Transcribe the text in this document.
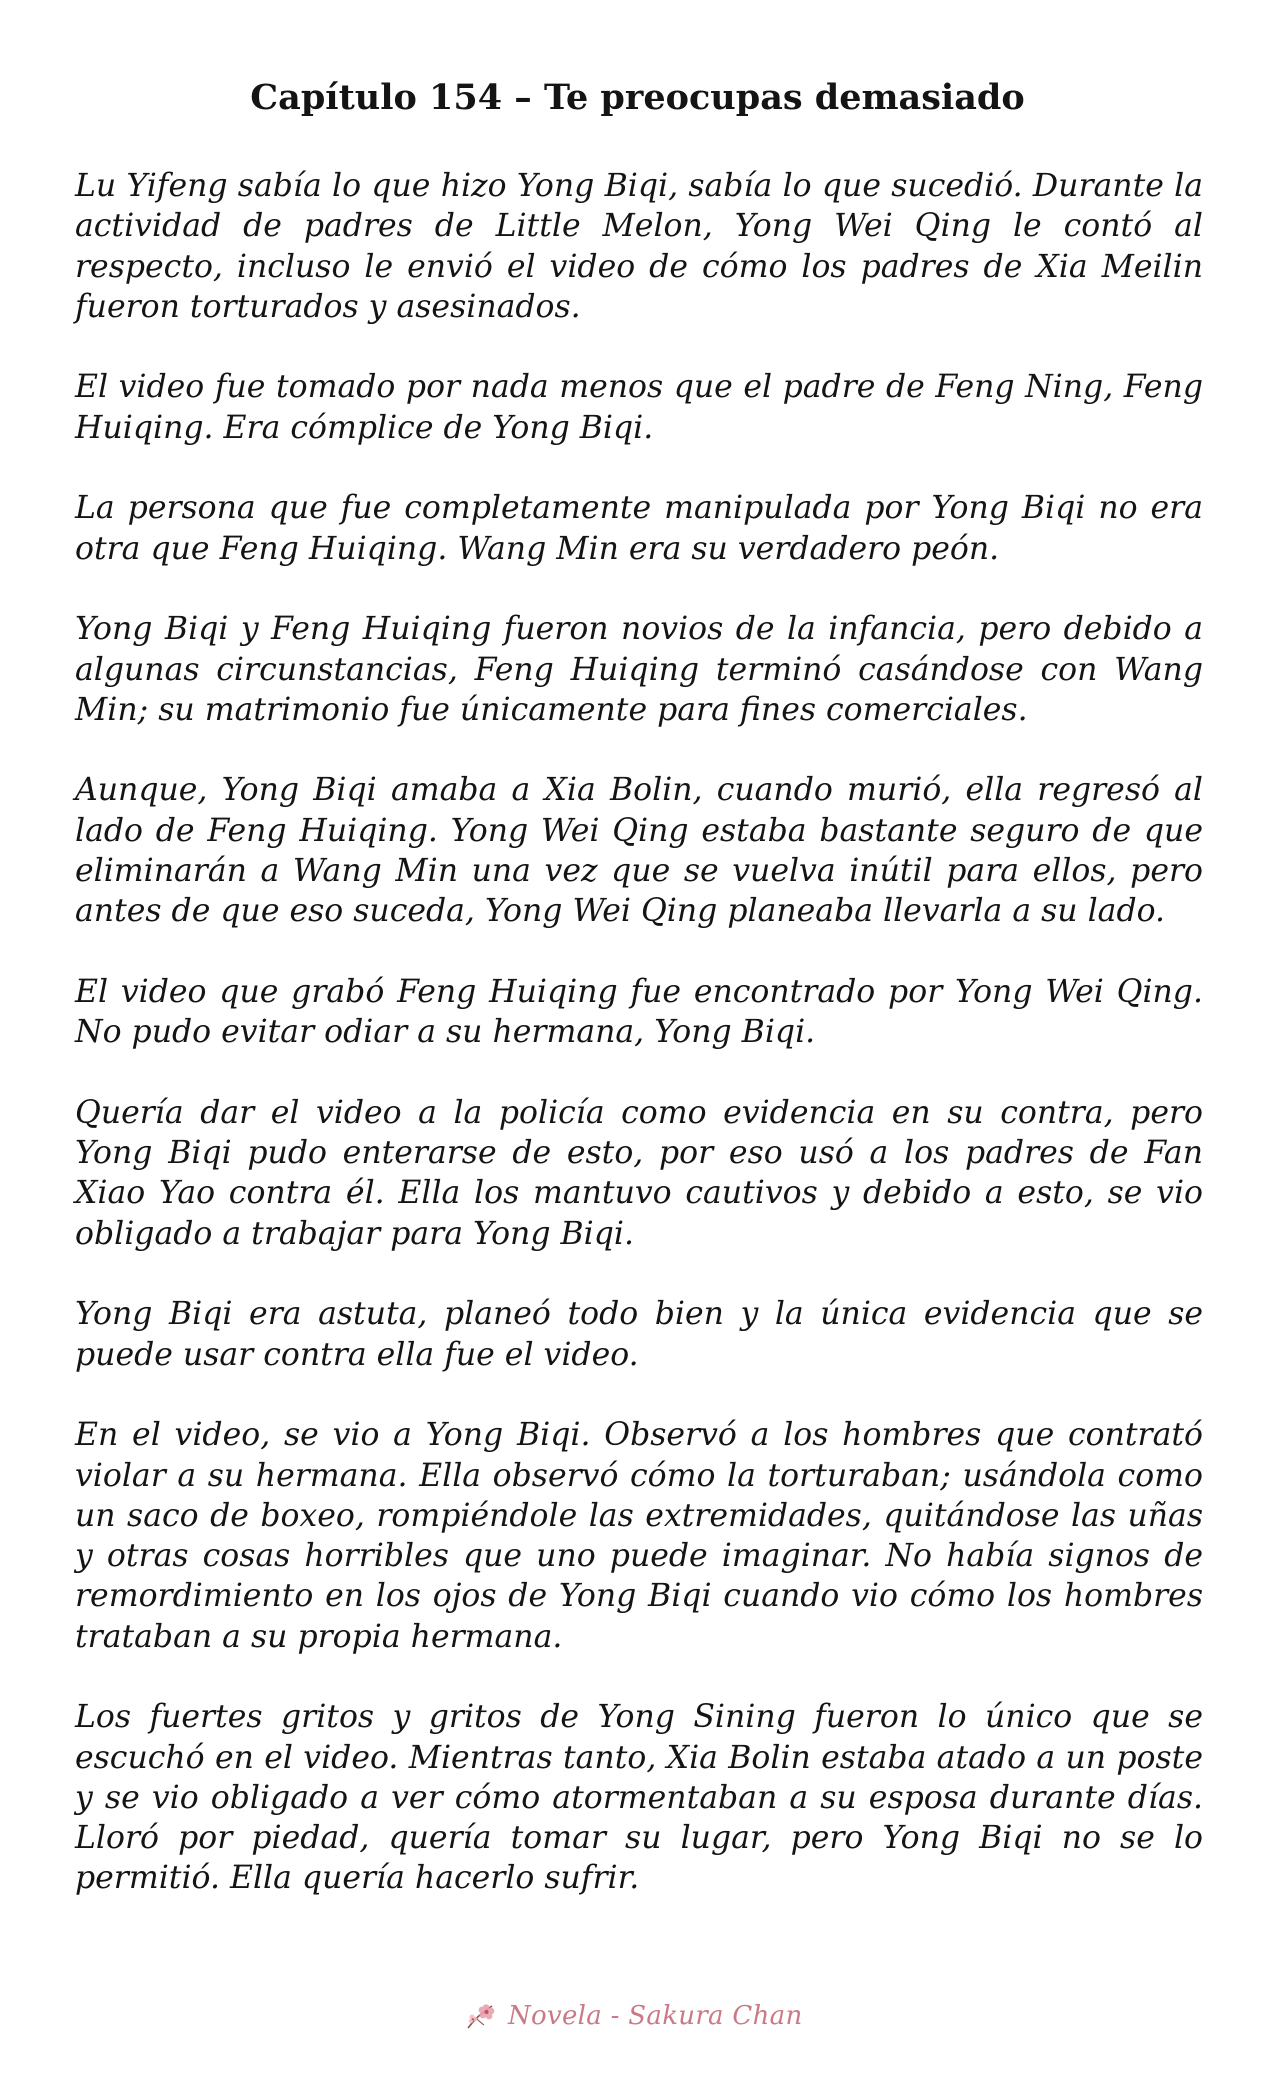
Capítulo 154 – Te preocupas demasiado

Lu Yifeng sabía lo que hizo Yong Biqi, sabía lo que sucedió. Durante la actividad de padres de Little Melon, Yong Wei Qing le contó al respecto, incluso le envió el video de cómo los padres de Xia Meilin fueron torturados y asesinados.

El video fue tomado por nada menos que el padre de Feng Ning, Feng Huiqing. Era cómplice de Yong Biqi.

La persona que fue completamente manipulada por Yong Biqi no era otra que Feng Huiqing. Wang Min era su verdadero peón.

Yong Biqi y Feng Huiqing fueron novios de la infancia, pero debido a algunas circunstancias, Feng Huiqing terminó casándose con Wang Min; su matrimonio fue únicamente para fines comerciales.

Aunque, Yong Biqi amaba a Xia Bolin, cuando murió, ella regresó al lado de Feng Huiqing. Yong Wei Qing estaba bastante seguro de que eliminarán a Wang Min una vez que se vuelva inútil para ellos, pero antes de que eso suceda, Yong Wei Qing planeaba llevarla a su lado.

El video que grabó Feng Huiqing fue encontrado por Yong Wei Qing. No pudo evitar odiar a su hermana, Yong Biqi.

Quería dar el video a la policía como evidencia en su contra, pero Yong Biqi pudo enterarse de esto, por eso usó a los padres de Fan Xiao Yao contra él. Ella los mantuvo cautivos y debido a esto, se vio obligado a trabajar para Yong Biqi.

Yong Biqi era astuta, planeó todo bien y la única evidencia que se puede usar contra ella fue el video.

En el video, se vio a Yong Biqi. Observó a los hombres que contrató violar a su hermana. Ella observó cómo la torturaban; usándola como un saco de boxeo, rompiéndole las extremidades, quitándose las uñas y otras cosas horribles que uno puede imaginar. No había signos de remordimiento en los ojos de Yong Biqi cuando vio cómo los hombres trataban a su propia hermana.

Los fuertes gritos y gritos de Yong Sining fueron lo único que se escuchó en el video. Mientras tanto, Xia Bolin estaba atado a un poste y se vio obligado a ver cómo atormentaban a su esposa durante días. Lloró por piedad, quería tomar su lugar, pero Yong Biqi no se lo permitió. Ella quería hacerlo sufrir.

Novela - Sakura Chan
